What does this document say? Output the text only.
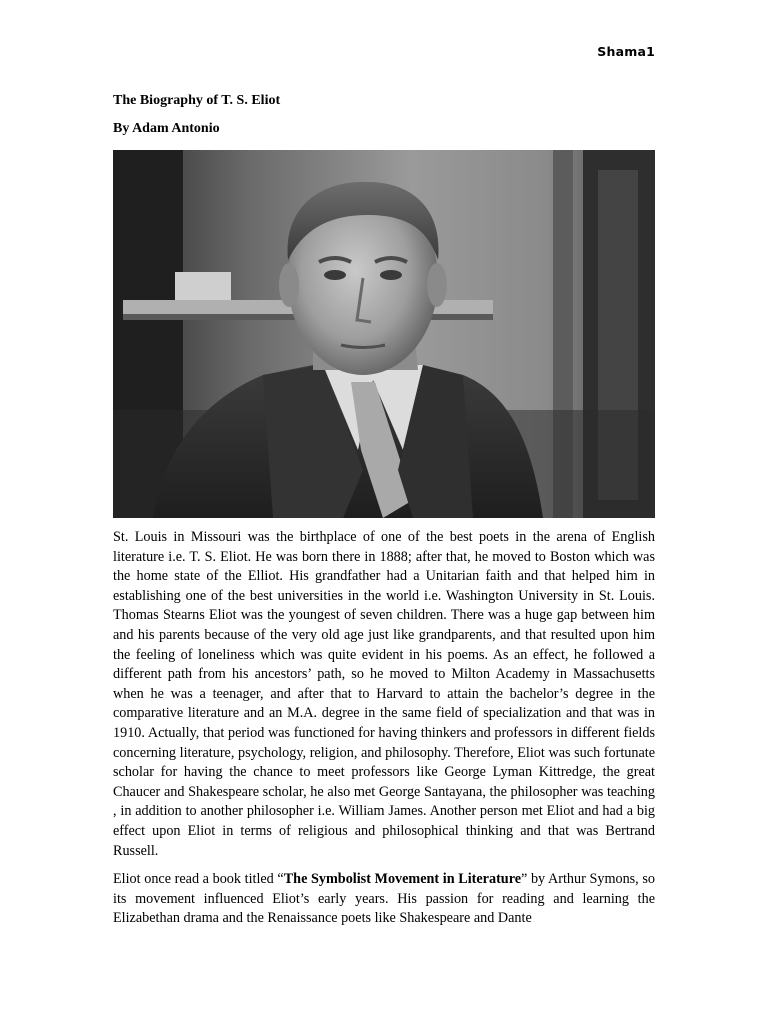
Shama1
The Biography of T. S. Eliot
By Adam Antonio

St. Louis in Missouri was the birthplace of one of the best poets in the arena of English literature i.e. T. S. Eliot. He was born there in 1888; after that, he moved to Boston which was the home state of the Elliot. His grandfather had a Unitarian faith and that helped him in establishing one of the best universities in the world i.e. Washington University in St. Louis. Thomas Stearns Eliot was the youngest of seven children. There was a huge gap between him and his parents because of the very old age just like grandparents, and that resulted upon him the feeling of loneliness which was quite evident in his poems. As an effect, he followed a different path from his ancestors’ path, so he moved to Milton Academy in Massachusetts when he was a teenager, and after that to Harvard to attain the bachelor’s degree in the comparative literature and an M.A. degree in the same field of specialization and that was in 1910. Actually, that period was functioned for having thinkers and professors in different fields concerning literature, psychology, religion, and philosophy. Therefore, Eliot was such fortunate scholar for having the chance to meet professors like George Lyman Kittredge, the great Chaucer and Shakespeare scholar, he also met George Santayana, the philosopher was teaching , in addition to another philosopher i.e. William James. Another person met Eliot and had a big effect upon Eliot in terms of religious and philosophical thinking and that was Bertrand Russell.

Eliot once read a book titled “The Symbolist Movement in Literature” by Arthur Symons, so its movement influenced Eliot’s early years. His passion for reading and learning the Elizabethan drama and the Renaissance poets like Shakespeare and Dante
